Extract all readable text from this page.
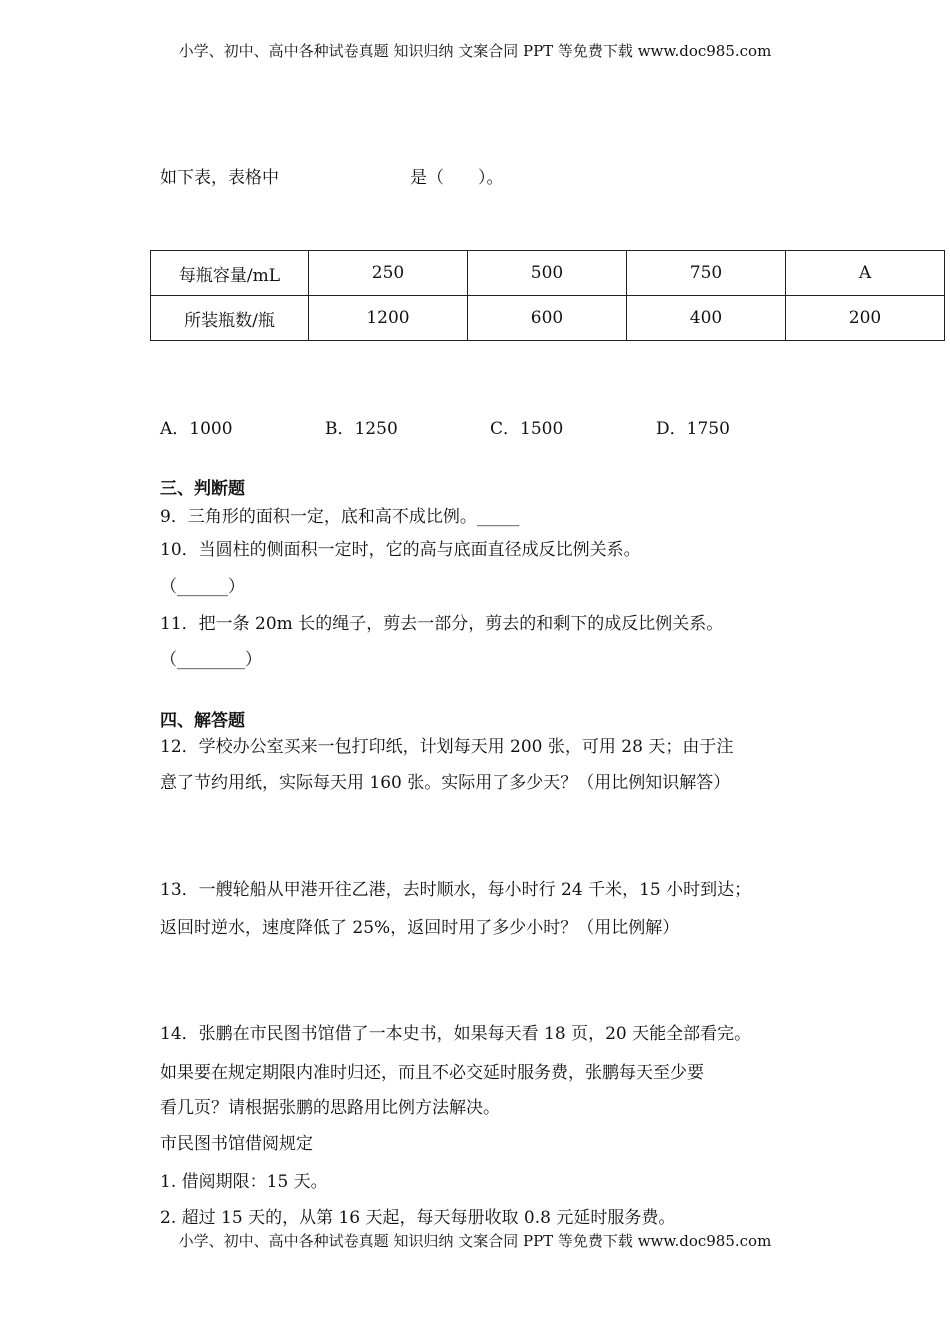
小学、初中、高中各种试卷真题 知识归纳 文案合同 PPT 等免费下载 www.doc985.com
如下表，表格中	是（　　）。
每瓶容量/mL	250	500	750	A
所装瓶数/瓶	1200	600	400	200
A．1000	B．1250	C．1500	D．1750
三、判断题
9．三角形的面积一定，底和高不成比例。_____
10．当圆柱的侧面积一定时，它的高与底面直径成反比例关系。
（______）
11．把一条 20m 长的绳子，剪去一部分，剪去的和剩下的成反比例关系。
（________）
四、解答题
12．学校办公室买来一包打印纸，计划每天用 200 张，可用 28 天；由于注
意了节约用纸，实际每天用 160 张。实际用了多少天？（用比例知识解答）
13．一艘轮船从甲港开往乙港，去时顺水，每小时行 24 千米，15 小时到达；
返回时逆水，速度降低了 25%，返回时用了多少小时？（用比例解）
14．张鹏在市民图书馆借了一本史书，如果每天看 18 页，20 天能全部看完。
如果要在规定期限内准时归还，而且不必交延时服务费，张鹏每天至少要
看几页？请根据张鹏的思路用比例方法解决。
市民图书馆借阅规定
1. 借阅期限：15 天。
2. 超过 15 天的，从第 16 天起，每天每册收取 0.8 元延时服务费。
小学、初中、高中各种试卷真题 知识归纳 文案合同 PPT 等免费下载 www.doc985.com
